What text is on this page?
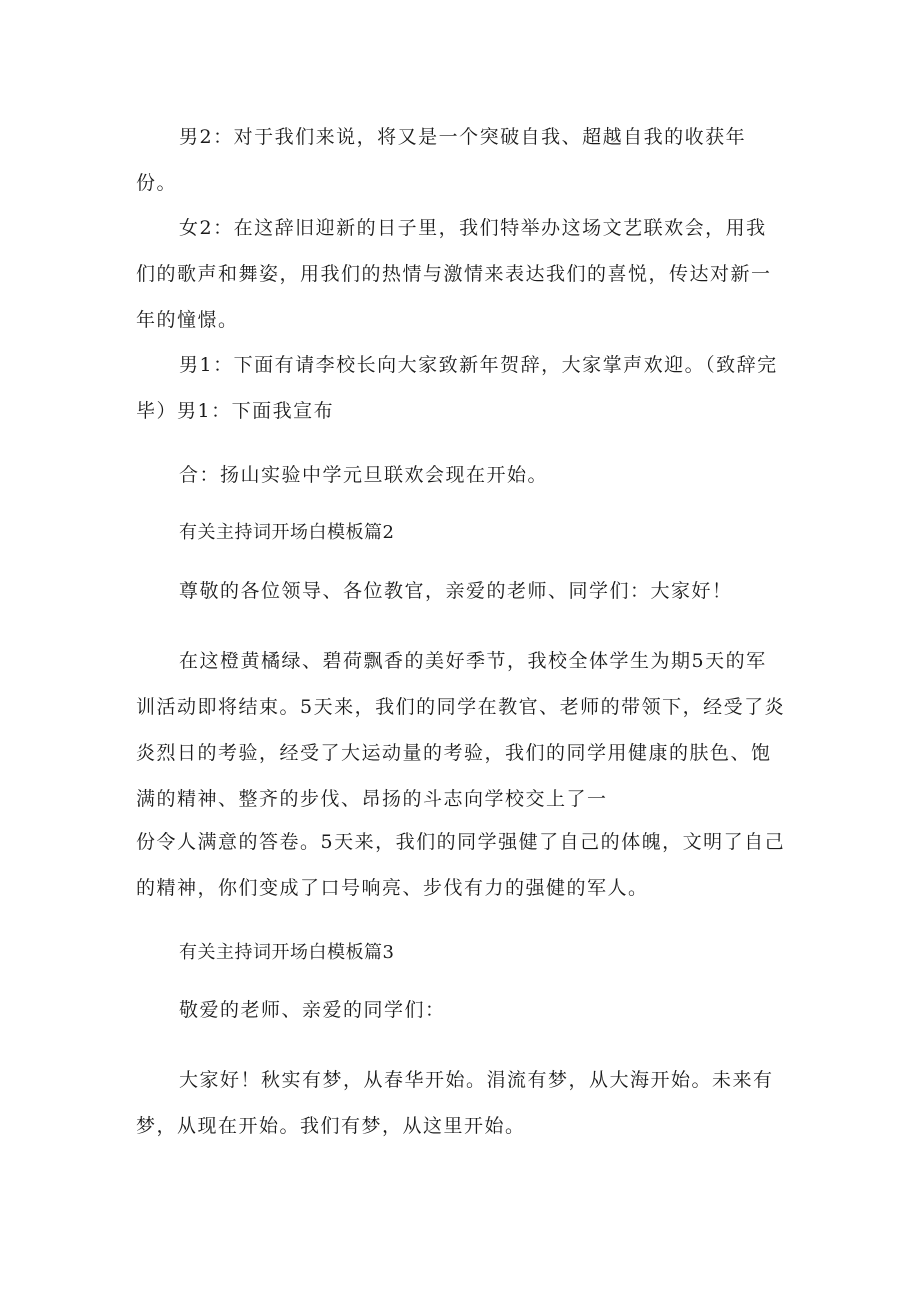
男2：对于我们来说，将又是一个突破自我、超越自我的收获年份。

女2：在这辞旧迎新的日子里，我们特举办这场文艺联欢会，用我们的歌声和舞姿，用我们的热情与激情来表达我们的喜悦，传达对新一年的憧憬。

男1：下面有请李校长向大家致新年贺辞，大家掌声欢迎。（致辞完毕）男1：下面我宣布

合：扬山实验中学元旦联欢会现在开始。

有关主持词开场白模板篇2

尊敬的各位领导、各位教官，亲爱的老师、同学们：大家好！

在这橙黄橘绿、碧荷飘香的美好季节，我校全体学生为期5天的军训活动即将结束。5天来，我们的同学在教官、老师的带领下，经受了炎炎烈日的考验，经受了大运动量的考验，我们的同学用健康的肤色、饱满的精神、整齐的步伐、昂扬的斗志向学校交上了一

份令人满意的答卷。5天来，我们的同学强健了自己的体魄，文明了自己的精神，你们变成了口号响亮、步伐有力的强健的军人。

有关主持词开场白模板篇3

敬爱的老师、亲爱的同学们：

大家好！秋实有梦，从春华开始。涓流有梦，从大海开始。未来有梦，从现在开始。我们有梦，从这里开始。
